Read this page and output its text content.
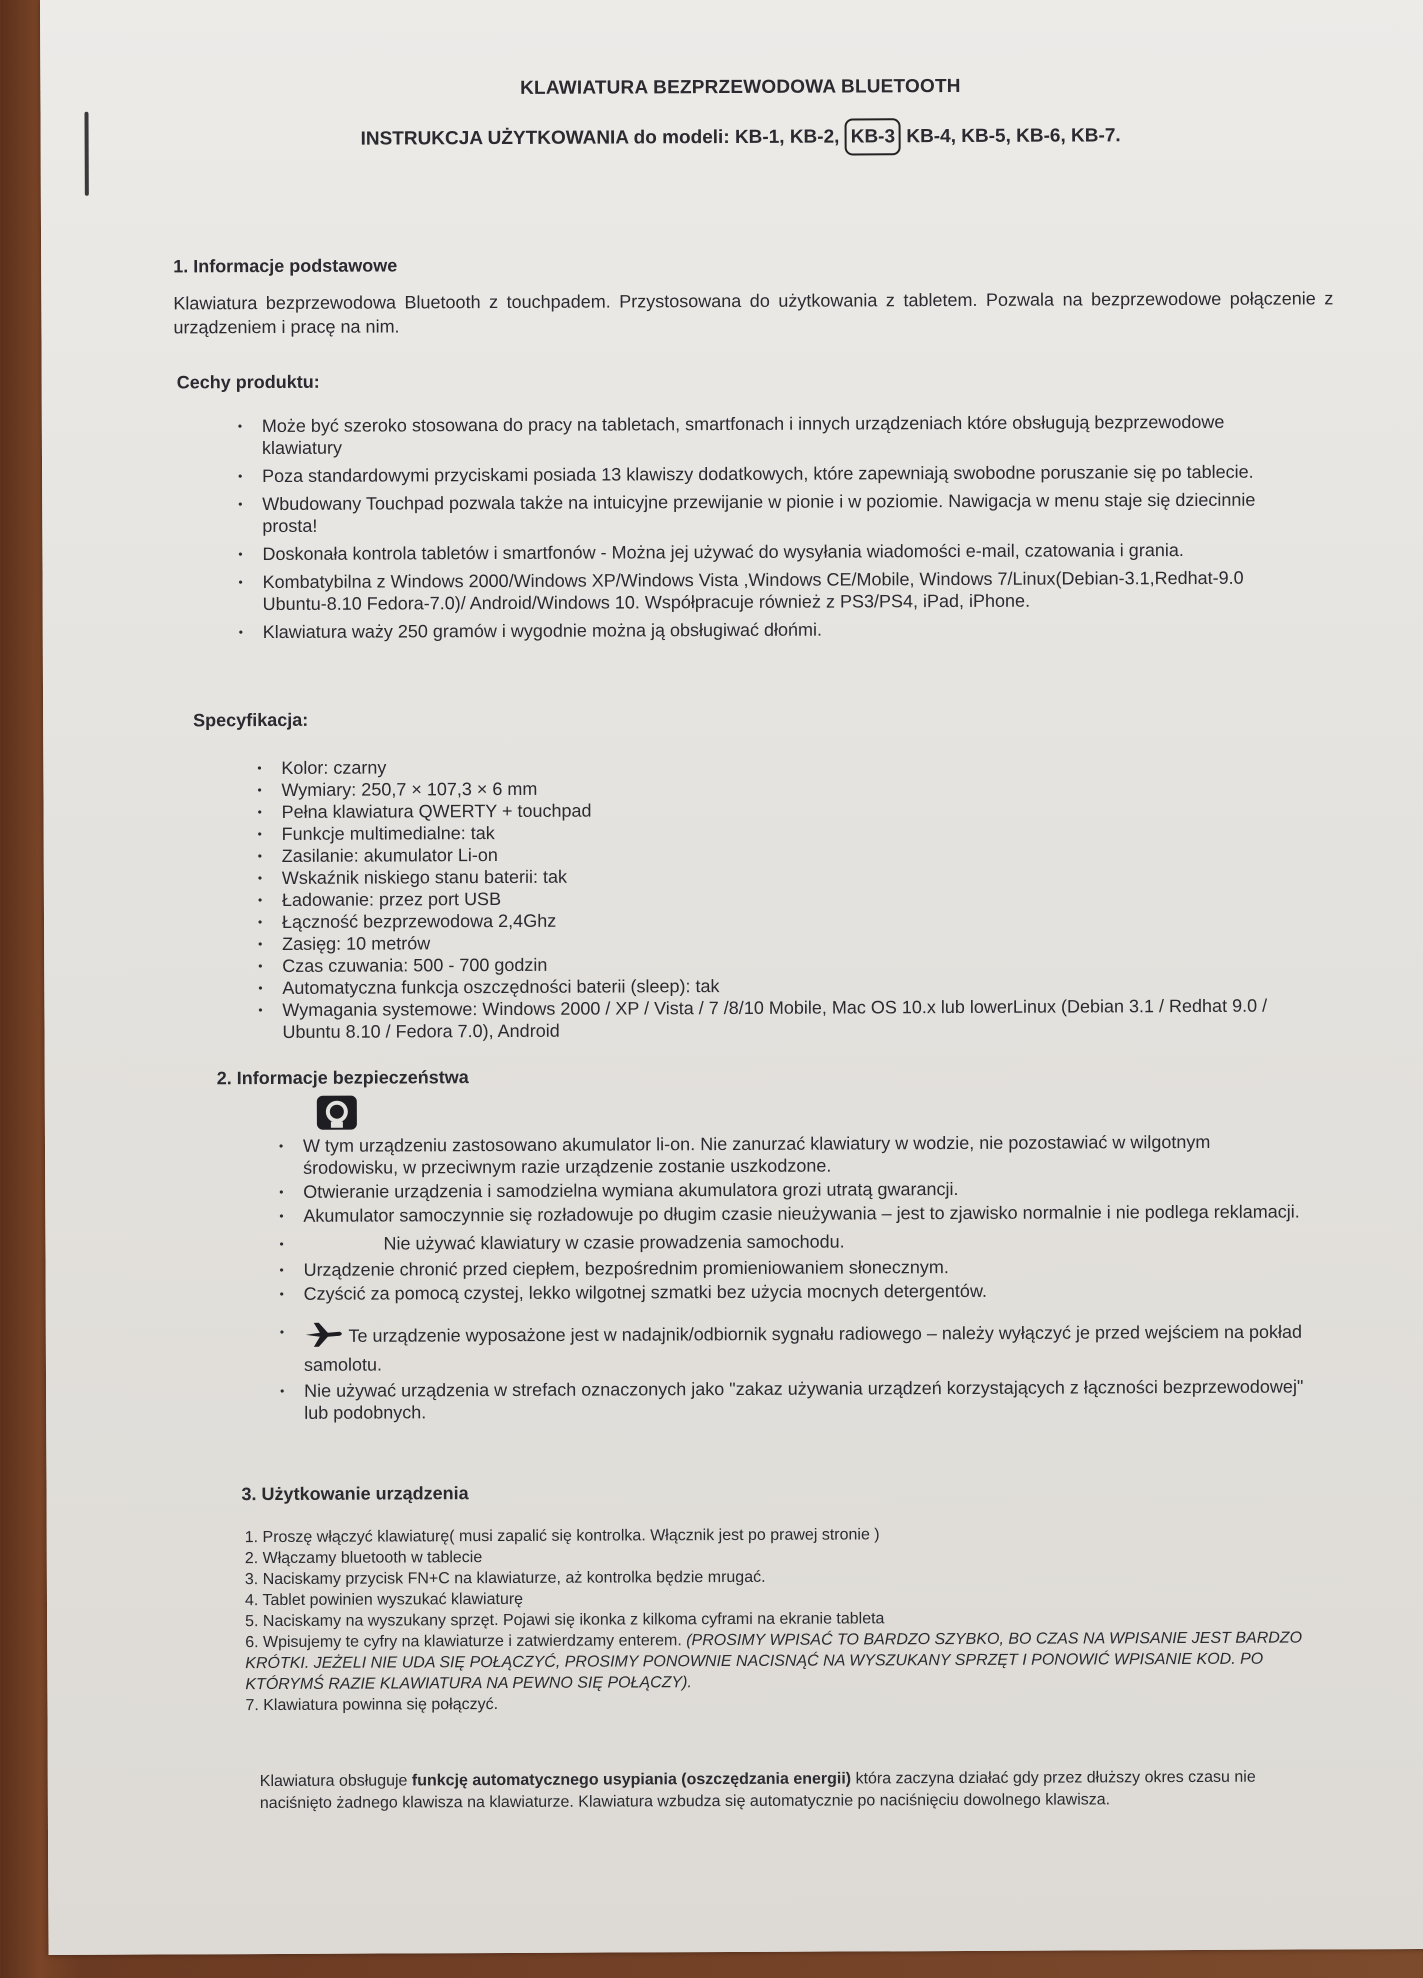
KLAWIATURA BEZPRZEWODOWA BLUETOOTH
INSTRUKCJA UŻYTKOWANIA do modeli: KB-1, KB-2, KB-3 KB-4, KB-5, KB-6, KB-7.
1. Informacje podstawowe
Klawiatura bezprzewodowa Bluetooth z touchpadem. Przystosowana do użytkowania z tabletem. Pozwala na bezprzewodowe połączenie z urządzeniem i pracę na nim.
Cechy produktu:
• Może być szeroko stosowana do pracy na tabletach, smartfonach i innych urządzeniach które obsługują bezprzewodowe klawiatury
• Poza standardowymi przyciskami posiada 13 klawiszy dodatkowych, które zapewniają swobodne poruszanie się po tablecie.
• Wbudowany Touchpad pozwala także na intuicyjne przewijanie w pionie i w poziomie. Nawigacja w menu staje się dziecinnie prosta!
• Doskonała kontrola tabletów i smartfonów - Można jej używać do wysyłania wiadomości e-mail, czatowania i grania.
• Kombatybilna z Windows 2000/Windows XP/Windows Vista ,Windows CE/Mobile, Windows 7/Linux(Debian-3.1,Redhat-9.0 Ubuntu-8.10 Fedora-7.0)/ Android/Windows 10. Współpracuje również z PS3/PS4, iPad, iPhone.
• Klawiatura waży 250 gramów i wygodnie można ją obsługiwać dłońmi.
Specyfikacja:
• Kolor: czarny
• Wymiary: 250,7 × 107,3 × 6 mm
• Pełna klawiatura QWERTY + touchpad
• Funkcje multimedialne: tak
• Zasilanie: akumulator Li-on
• Wskaźnik niskiego stanu baterii: tak
• Ładowanie: przez port USB
• Łączność bezprzewodowa 2,4Ghz
• Zasięg: 10 metrów
• Czas czuwania: 500 - 700 godzin
• Automatyczna funkcja oszczędności baterii (sleep): tak
• Wymagania systemowe: Windows 2000 / XP / Vista / 7 /8/10 Mobile, Mac OS 10.x lub lowerLinux (Debian 3.1 / Redhat 9.0 / Ubuntu 8.10 / Fedora 7.0), Android
2. Informacje bezpieczeństwa
• W tym urządzeniu zastosowano akumulator li-on. Nie zanurzać klawiatury w wodzie, nie pozostawiać w wilgotnym środowisku, w przeciwnym razie urządzenie zostanie uszkodzone.
• Otwieranie urządzenia i samodzielna wymiana akumulatora grozi utratą gwarancji.
• Akumulator samoczynnie się rozładowuje po długim czasie nieużywania – jest to zjawisko normalnie i nie podlega reklamacji.
• Nie używać klawiatury w czasie prowadzenia samochodu.
• Urządzenie chronić przed ciepłem, bezpośrednim promieniowaniem słonecznym.
• Czyścić za pomocą czystej, lekko wilgotnej szmatki bez użycia mocnych detergentów.
• Te urządzenie wyposażone jest w nadajnik/odbiornik sygnału radiowego – należy wyłączyć je przed wejściem na pokład samolotu.
• Nie używać urządzenia w strefach oznaczonych jako "zakaz używania urządzeń korzystających z łączności bezprzewodowej" lub podobnych.
3. Użytkowanie urządzenia
1. Proszę włączyć klawiaturę( musi zapalić się kontrolka. Włącznik jest po prawej stronie )
2. Włączamy bluetooth w tablecie
3. Naciskamy przycisk FN+C na klawiaturze, aż kontrolka będzie mrugać.
4. Tablet powinien wyszukać klawiaturę
5. Naciskamy na wyszukany sprzęt. Pojawi się ikonka z kilkoma cyframi na ekranie tableta
6. Wpisujemy te cyfry na klawiaturze i zatwierdzamy enterem. (PROSIMY WPISAĆ TO BARDZO SZYBKO, BO CZAS NA WPISANIE JEST BARDZO KRÓTKI. JEŻELI NIE UDA SIĘ POŁĄCZYĆ, PROSIMY PONOWNIE NACISNĄĆ NA WYSZUKANY SPRZĘT I PONOWIĆ WPISANIE KOD. PO KTÓRYMŚ RAZIE KLAWIATURA NA PEWNO SIĘ POŁĄCZY).
7. Klawiatura powinna się połączyć.
Klawiatura obsługuje funkcję automatycznego usypiania (oszczędzania energii) która zaczyna działać gdy przez dłuższy okres czasu nie naciśnięto żadnego klawisza na klawiaturze. Klawiatura wzbudza się automatycznie po naciśnięciu dowolnego klawisza.
